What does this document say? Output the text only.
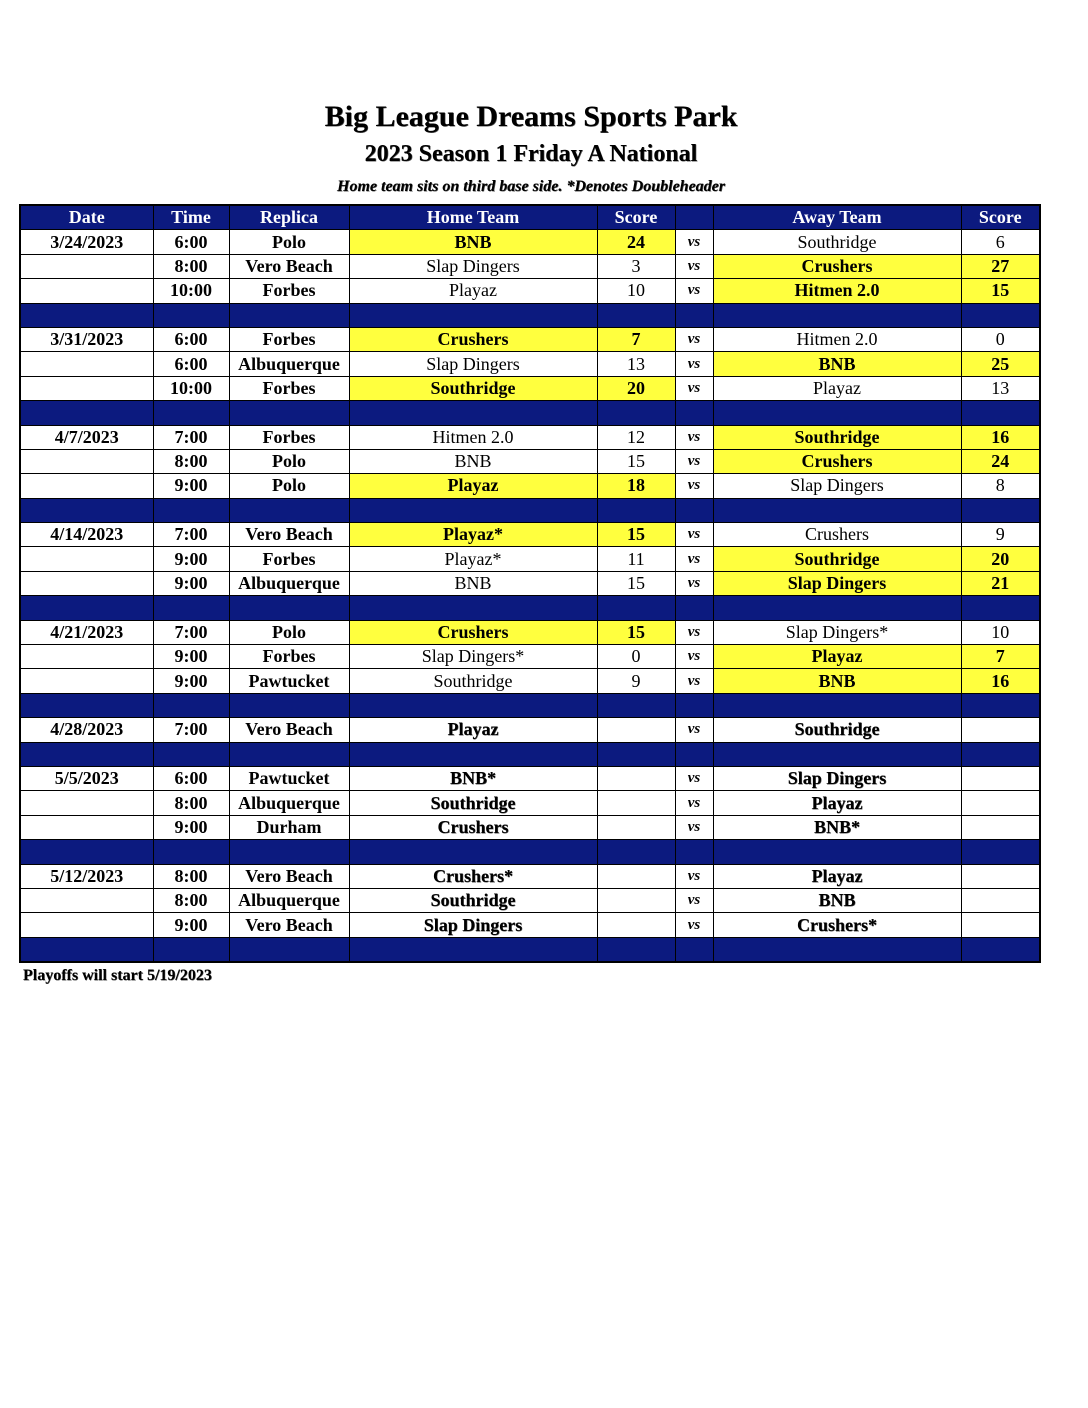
Big League Dreams Sports Park
2023 Season 1 Friday A National
Home team sits on third base side. *Denotes Doubleheader
Date	Time	Replica	Home Team	Score		Away Team	Score
3/24/2023	6:00	Polo	BNB	24	vs	Southridge	6
	8:00	Vero Beach	Slap Dingers	3	vs	Crushers	27
	10:00	Forbes	Playaz	10	vs	Hitmen 2.0	15

3/31/2023	6:00	Forbes	Crushers	7	vs	Hitmen 2.0	0
	6:00	Albuquerque	Slap Dingers	13	vs	BNB	25
	10:00	Forbes	Southridge	20	vs	Playaz	13

4/7/2023	7:00	Forbes	Hitmen 2.0	12	vs	Southridge	16
	8:00	Polo	BNB	15	vs	Crushers	24
	9:00	Polo	Playaz	18	vs	Slap Dingers	8

4/14/2023	7:00	Vero Beach	Playaz*	15	vs	Crushers	9
	9:00	Forbes	Playaz*	11	vs	Southridge	20
	9:00	Albuquerque	BNB	15	vs	Slap Dingers	21

4/21/2023	7:00	Polo	Crushers	15	vs	Slap Dingers*	10
	9:00	Forbes	Slap Dingers*	0	vs	Playaz	7
	9:00	Pawtucket	Southridge	9	vs	BNB	16

4/28/2023	7:00	Vero Beach	Playaz		vs	Southridge	

5/5/2023	6:00	Pawtucket	BNB*		vs	Slap Dingers	
	8:00	Albuquerque	Southridge		vs	Playaz	
	9:00	Durham	Crushers		vs	BNB*	

5/12/2023	8:00	Vero Beach	Crushers*		vs	Playaz	
	8:00	Albuquerque	Southridge		vs	BNB	
	9:00	Vero Beach	Slap Dingers		vs	Crushers*	

Playoffs will start 5/19/2023
